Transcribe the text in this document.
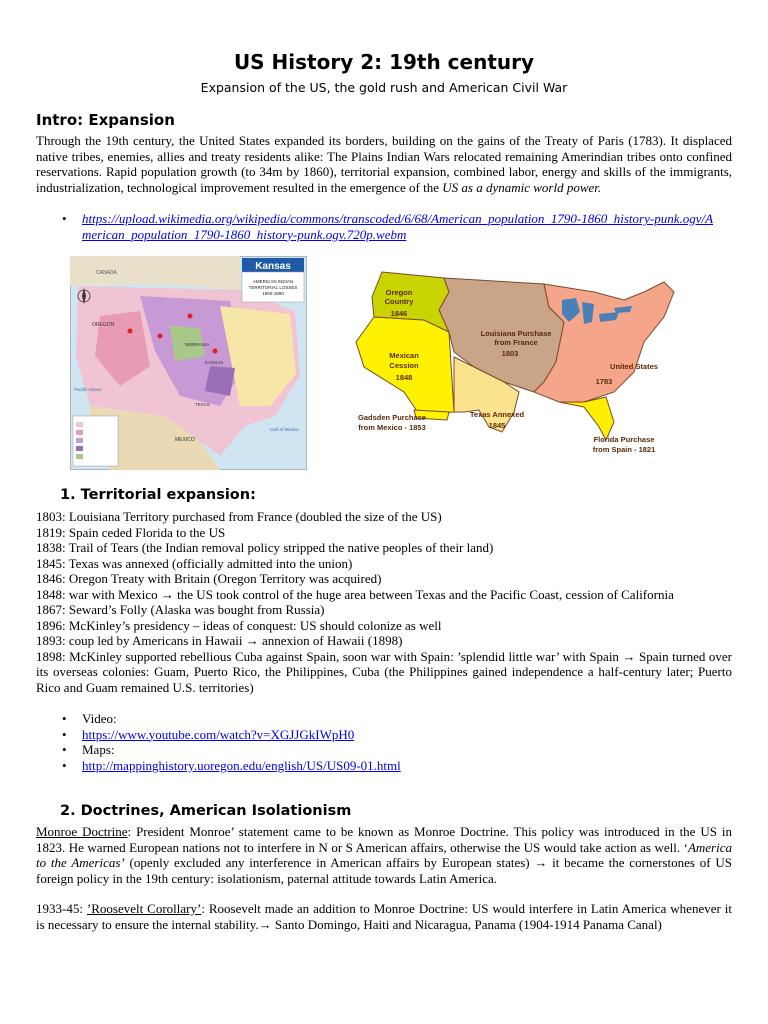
US History 2: 19th century
Expansion of the US, the gold rush and American Civil War
Intro: Expansion
Through the 19th century, the United States expanded its borders, building on the gains of the Treaty of Paris (1783). It displaced native tribes, enemies, allies and treaty residents alike: The Plains Indian Wars relocated remaining Amerindian tribes onto confined reservations. Rapid population growth (to 34m by 1860), territorial expansion, combined labor, energy and skills of the immigrants, industrialization, technological improvement resulted in the emergence of the US as a dynamic world power.
• https://upload.wikimedia.org/wikipedia/commons/transcoded/6/68/American_population_1790-1860_history-punk.ogv/American_population_1790-1860_history-punk.ogv.720p.webm
Kansas
AMERICAN INDIAN
TERRITORIAL LOSSES
1850-1890
CANADA
OREGON
MEXICO
Pacific Ocean
Gulf of Mexico
NEBRASKA
KANSAS
TEXAS
Oregon
Country
1846
Louisiana Purchase
from France
1803
United States
1783
Mexican
Cession
1848
Texas Annexed
1845
Gadsden Purchase
from Mexico - 1853
Florida Purchase
from Spain - 1821
1. Territorial expansion:
1803: Louisiana Territory purchased from France (doubled the size of the US)
1819: Spain ceded Florida to the US
1838: Trail of Tears (the Indian removal policy stripped the native peoples of their land)
1845: Texas was annexed (officially admitted into the union)
1846: Oregon Treaty with Britain (Oregon Territory was acquired)
1848: war with Mexico → the US took control of the huge area between Texas and the Pacific Coast, cession of California
1867: Seward’s Folly (Alaska was bought from Russia)
1896: McKinley’s presidency – ideas of conquest: US should colonize as well
1893: coup led by Americans in Hawaii → annexion of Hawaii (1898)
1898: McKinley supported rebellious Cuba against Spain, soon war with Spain: ’splendid little war’ with Spain → Spain turned over its overseas colonies: Guam, Puerto Rico, the Philippines, Cuba (the Philippines gained independence a half-century later; Puerto Rico and Guam remained U.S. territories)
• Video:
• https://www.youtube.com/watch?v=XGJJGkIWpH0
• Maps:
• http://mappinghistory.uoregon.edu/english/US/US09-01.html
2. Doctrines, American Isolationism
Monroe Doctrine: President Monroe’ statement came to be known as Monroe Doctrine. This policy was introduced in the US in 1823. He warned European nations not to interfere in N or S American affairs, otherwise the US would take action as well. ‘America to the Americas’ (openly excluded any interference in American affairs by European states) → it became the cornerstones of US foreign policy in the 19th century: isolationism, paternal attitude towards Latin America.
1933-45: ’Roosevelt Corollary’: Roosevelt made an addition to Monroe Doctrine: US would interfere in Latin America whenever it is necessary to ensure the internal stability.→ Santo Domingo, Haiti and Nicaragua, Panama (1904-1914 Panama Canal)
